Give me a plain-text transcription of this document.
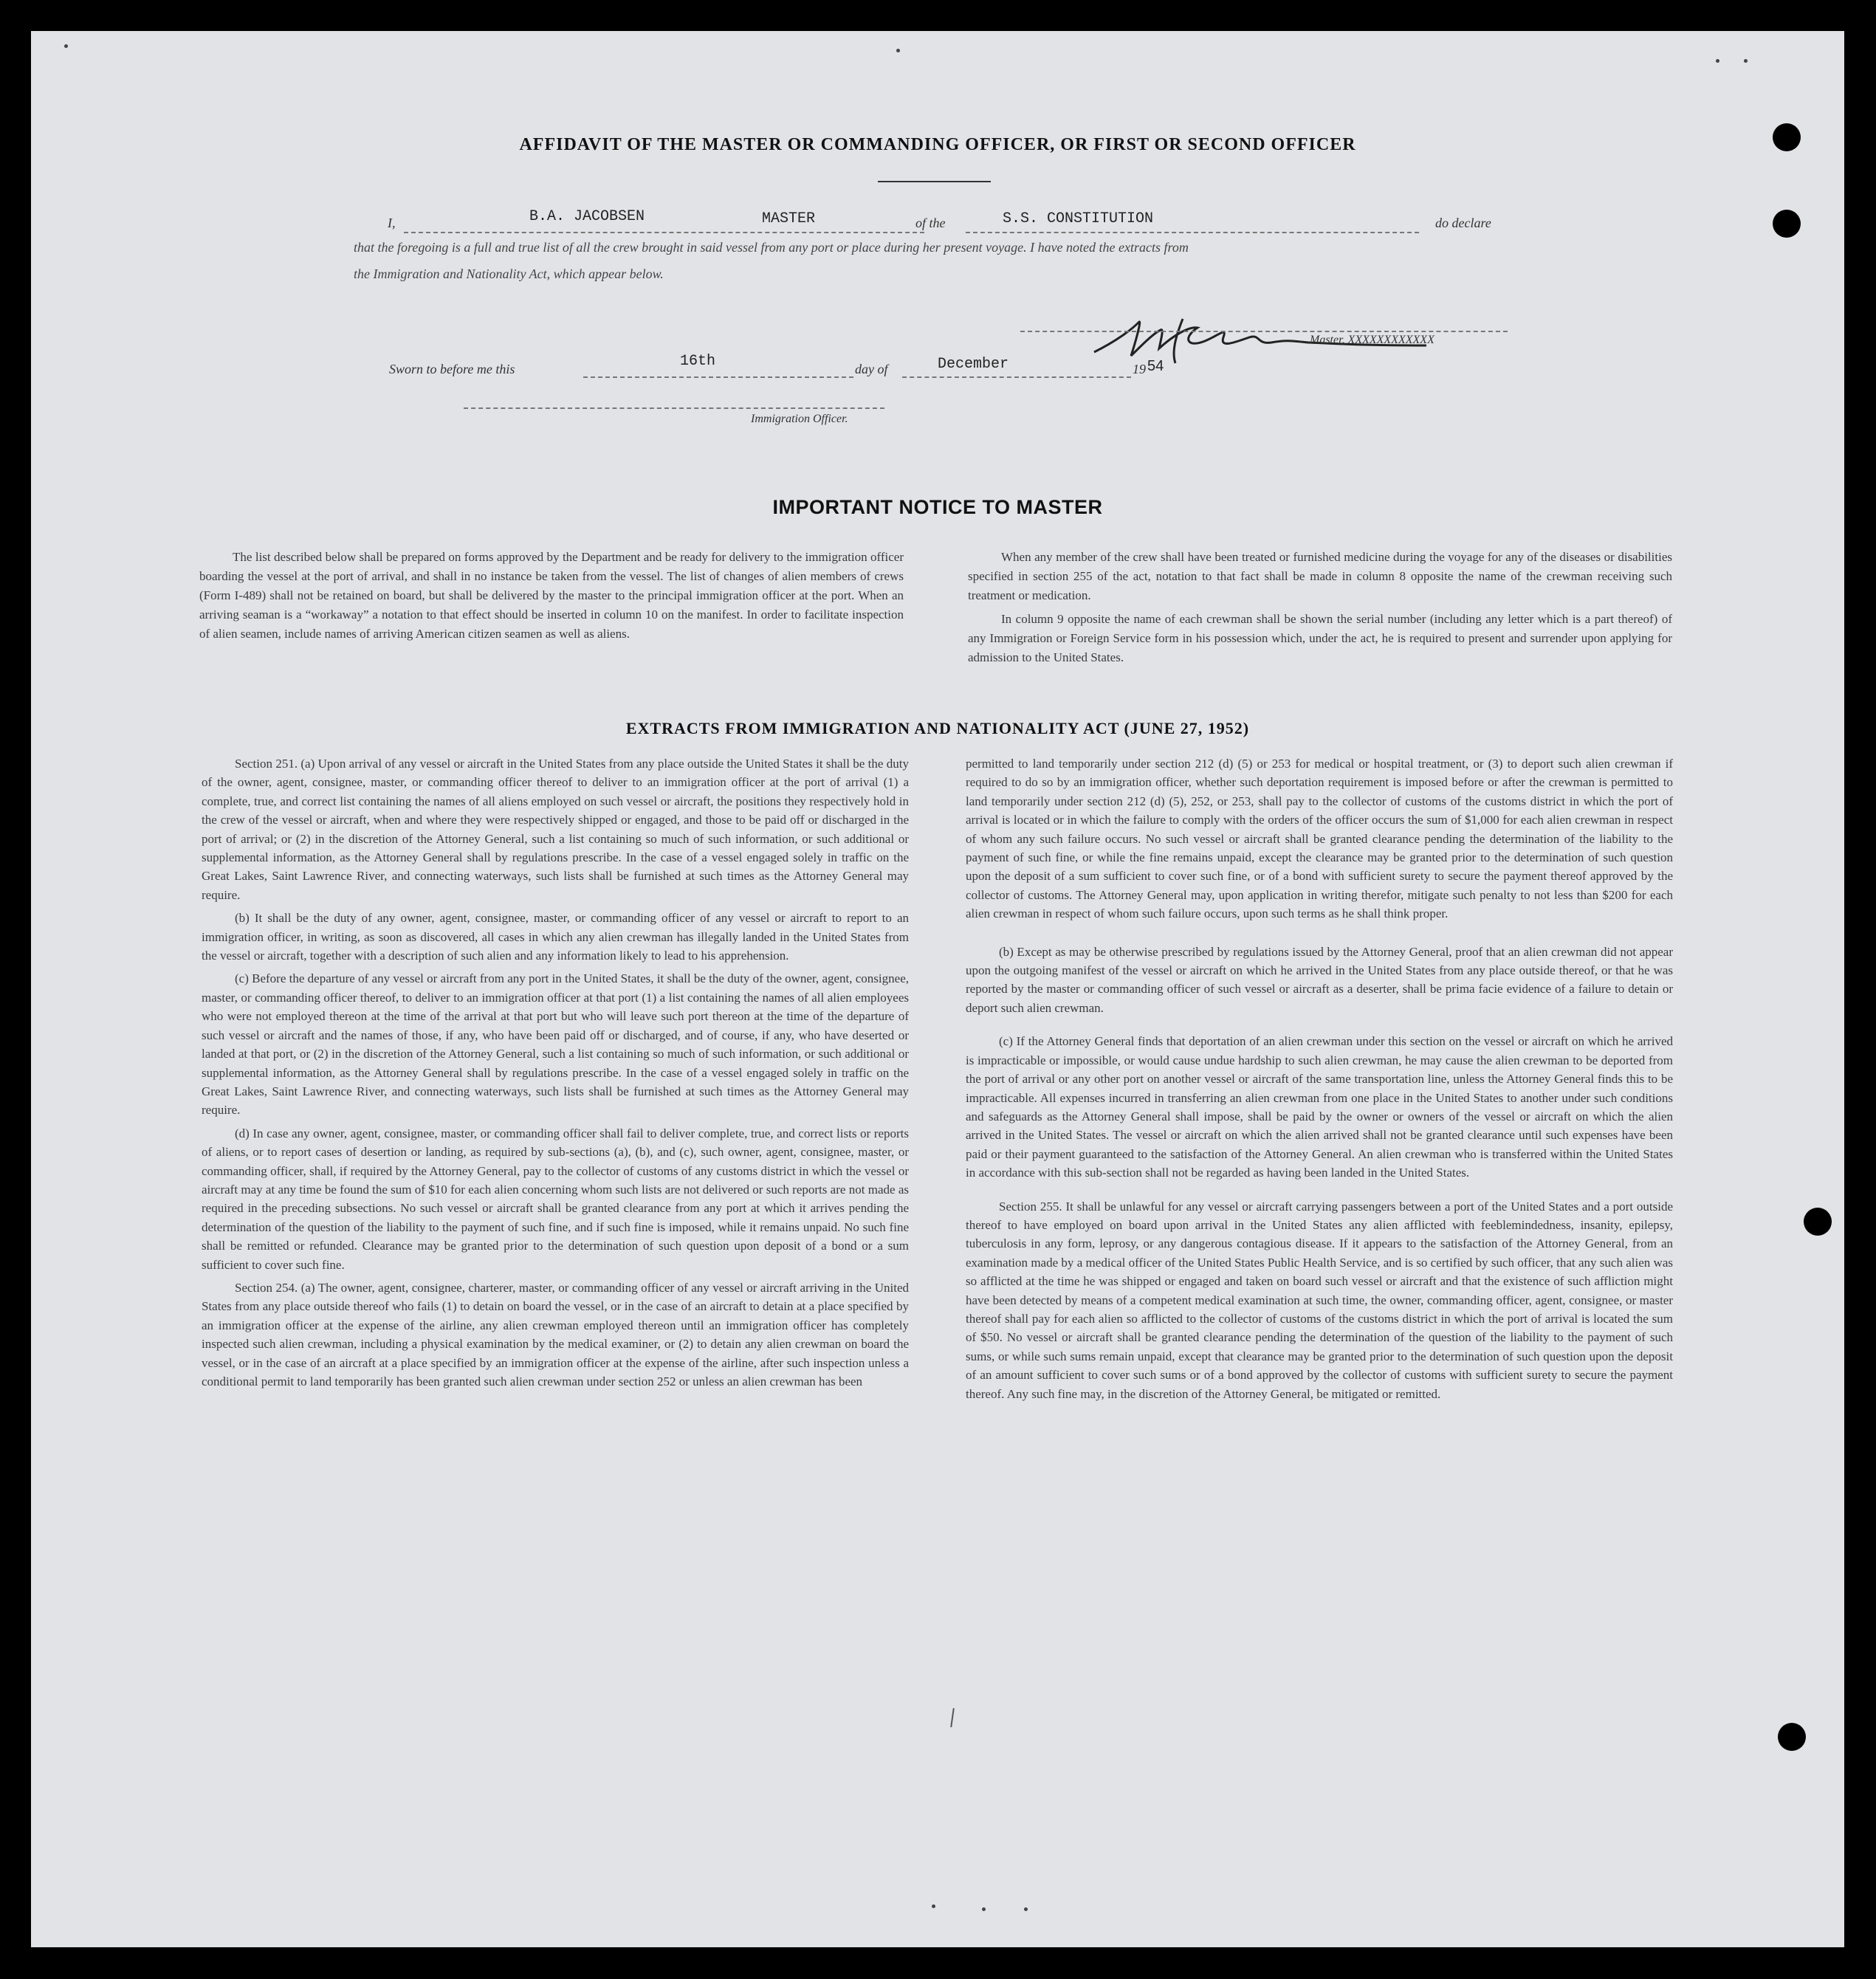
AFFIDAVIT OF THE MASTER OR COMMANDING OFFICER, OR FIRST OR SECOND OFFICER
I,	B.A. JACOBSEN	MASTER	of the	S.S. CONSTITUTION	do declare
that the foregoing is a full and true list of all the crew brought in said vessel from any port or place during her present voyage. I have noted the extracts from
the Immigration and Nationality Act, which appear below.
Master, XXXXXXXXXXXX
Sworn to before me this	16th	day of	December	19 54
Immigration Officer.
IMPORTANT NOTICE TO MASTER

The list described below shall be prepared on forms approved by the Department and be ready for delivery to the immigration officer boarding the vessel at the port of arrival, and shall in no instance be taken from the vessel. The list of changes of alien members of crews (Form I-489) shall not be retained on board, but shall be delivered by the master to the principal immigration officer at the port. When an arriving seaman is a “workaway” a notation to that effect should be inserted in column 10 on the manifest. In order to facilitate inspection of alien seamen, include names of arriving American citizen seamen as well as aliens.

When any member of the crew shall have been treated or furnished medicine during the voyage for any of the diseases or disabilities specified in section 255 of the act, notation to that fact shall be made in column 8 opposite the name of the crewman receiving such treatment or medication.

In column 9 opposite the name of each crewman shall be shown the serial number (including any letter which is a part thereof) of any Immigration or Foreign Service form in his possession which, under the act, he is required to present and surrender upon applying for admission to the United States.

EXTRACTS FROM IMMIGRATION AND NATIONALITY ACT (JUNE 27, 1952)

Section 251. (a) Upon arrival of any vessel or aircraft in the United States from any place outside the United States it shall be the duty of the owner, agent, consignee, master, or commanding officer thereof to deliver to an immigration officer at the port of arrival (1) a complete, true, and correct list containing the names of all aliens employed on such vessel or aircraft, the positions they respectively hold in the crew of the vessel or aircraft, when and where they were respectively shipped or engaged, and those to be paid off or discharged in the port of arrival; or (2) in the discretion of the Attorney General, such a list containing so much of such information, or such additional or supplemental information, as the Attorney General shall by regulations prescribe. In the case of a vessel engaged solely in traffic on the Great Lakes, Saint Lawrence River, and connecting waterways, such lists shall be furnished at such times as the Attorney General may require.

(b) It shall be the duty of any owner, agent, consignee, master, or commanding officer of any vessel or aircraft to report to an immigration officer, in writing, as soon as discovered, all cases in which any alien crewman has illegally landed in the United States from the vessel or aircraft, together with a description of such alien and any information likely to lead to his apprehension.

(c) Before the departure of any vessel or aircraft from any port in the United States, it shall be the duty of the owner, agent, consignee, master, or commanding officer thereof, to deliver to an immigration officer at that port (1) a list containing the names of all alien employees who were not employed thereon at the time of the arrival at that port but who will leave such port thereon at the time of the departure of such vessel or aircraft and the names of those, if any, who have been paid off or discharged, and of course, if any, who have deserted or landed at that port, or (2) in the discretion of the Attorney General, such a list containing so much of such information, or such additional or supplemental information, as the Attorney General shall by regulations prescribe. In the case of a vessel engaged solely in traffic on the Great Lakes, Saint Lawrence River, and connecting waterways, such lists shall be furnished at such times as the Attorney General may require.

(d) In case any owner, agent, consignee, master, or commanding officer shall fail to deliver complete, true, and correct lists or reports of aliens, or to report cases of desertion or landing, as required by sub-sections (a), (b), and (c), such owner, agent, consignee, master, or commanding officer, shall, if required by the Attorney General, pay to the collector of customs of any customs district in which the vessel or aircraft may at any time be found the sum of $10 for each alien concerning whom such lists are not delivered or such reports are not made as required in the preceding subsections. No such vessel or aircraft shall be granted clearance from any port at which it arrives pending the determination of the question of the liability to the payment of such fine, and if such fine is imposed, while it remains unpaid. No such fine shall be remitted or refunded. Clearance may be granted prior to the determination of such question upon deposit of a bond or a sum sufficient to cover such fine.

Section 254. (a) The owner, agent, consignee, charterer, master, or commanding officer of any vessel or aircraft arriving in the United States from any place outside thereof who fails (1) to detain on board the vessel, or in the case of an aircraft to detain at a place specified by an immigration officer at the expense of the airline, any alien crewman employed thereon until an immigration officer has completely inspected such alien crewman, including a physical examination by the medical examiner, or (2) to detain any alien crewman on board the vessel, or in the case of an aircraft at a place specified by an immigration officer at the expense of the airline, after such inspection unless a conditional permit to land temporarily has been granted such alien crewman under section 252 or unless an alien crewman has been

permitted to land temporarily under section 212 (d) (5) or 253 for medical or hospital treatment, or (3) to deport such alien crewman if required to do so by an immigration officer, whether such deportation requirement is imposed before or after the crewman is permitted to land temporarily under section 212 (d) (5), 252, or 253, shall pay to the collector of customs of the customs district in which the port of arrival is located or in which the failure to comply with the orders of the officer occurs the sum of $1,000 for each alien crewman in respect of whom any such failure occurs. No such vessel or aircraft shall be granted clearance pending the determination of the liability to the payment of such fine, or while the fine remains unpaid, except the clearance may be granted prior to the determination of such question upon the deposit of a sum sufficient to cover such fine, or of a bond with sufficient surety to secure the payment thereof approved by the collector of customs. The Attorney General may, upon application in writing therefor, mitigate such penalty to not less than $200 for each alien crewman in respect of whom such failure occurs, upon such terms as he shall think proper.

(b) Except as may be otherwise prescribed by regulations issued by the Attorney General, proof that an alien crewman did not appear upon the outgoing manifest of the vessel or aircraft on which he arrived in the United States from any place outside thereof, or that he was reported by the master or commanding officer of such vessel or aircraft as a deserter, shall be prima facie evidence of a failure to detain or deport such alien crewman.

(c) If the Attorney General finds that deportation of an alien crewman under this section on the vessel or aircraft on which he arrived is impracticable or impossible, or would cause undue hardship to such alien crewman, he may cause the alien crewman to be deported from the port of arrival or any other port on another vessel or aircraft of the same transportation line, unless the Attorney General finds this to be impracticable. All expenses incurred in transferring an alien crewman from one place in the United States to another under such conditions and safeguards as the Attorney General shall impose, shall be paid by the owner or owners of the vessel or aircraft on which the alien arrived in the United States. The vessel or aircraft on which the alien arrived shall not be granted clearance until such expenses have been paid or their payment guaranteed to the satisfaction of the Attorney General. An alien crewman who is transferred within the United States in accordance with this sub-section shall not be regarded as having been landed in the United States.

Section 255. It shall be unlawful for any vessel or aircraft carrying passengers between a port of the United States and a port outside thereof to have employed on board upon arrival in the United States any alien afflicted with feeblemindedness, insanity, epilepsy, tuberculosis in any form, leprosy, or any dangerous contagious disease. If it appears to the satisfaction of the Attorney General, from an examination made by a medical officer of the United States Public Health Service, and is so certified by such officer, that any such alien was so afflicted at the time he was shipped or engaged and taken on board such vessel or aircraft and that the existence of such affliction might have been detected by means of a competent medical examination at such time, the owner, commanding officer, agent, consignee, or master thereof shall pay for each alien so afflicted to the collector of customs of the customs district in which the port of arrival is located the sum of $50. No vessel or aircraft shall be granted clearance pending the determination of the question of the liability to the payment of such sums, or while such sums remain unpaid, except that clearance may be granted prior to the determination of such question upon the deposit of an amount sufficient to cover such sums or of a bond approved by the collector of customs with sufficient surety to secure the payment thereof. Any such fine may, in the discretion of the Attorney General, be mitigated or remitted.
